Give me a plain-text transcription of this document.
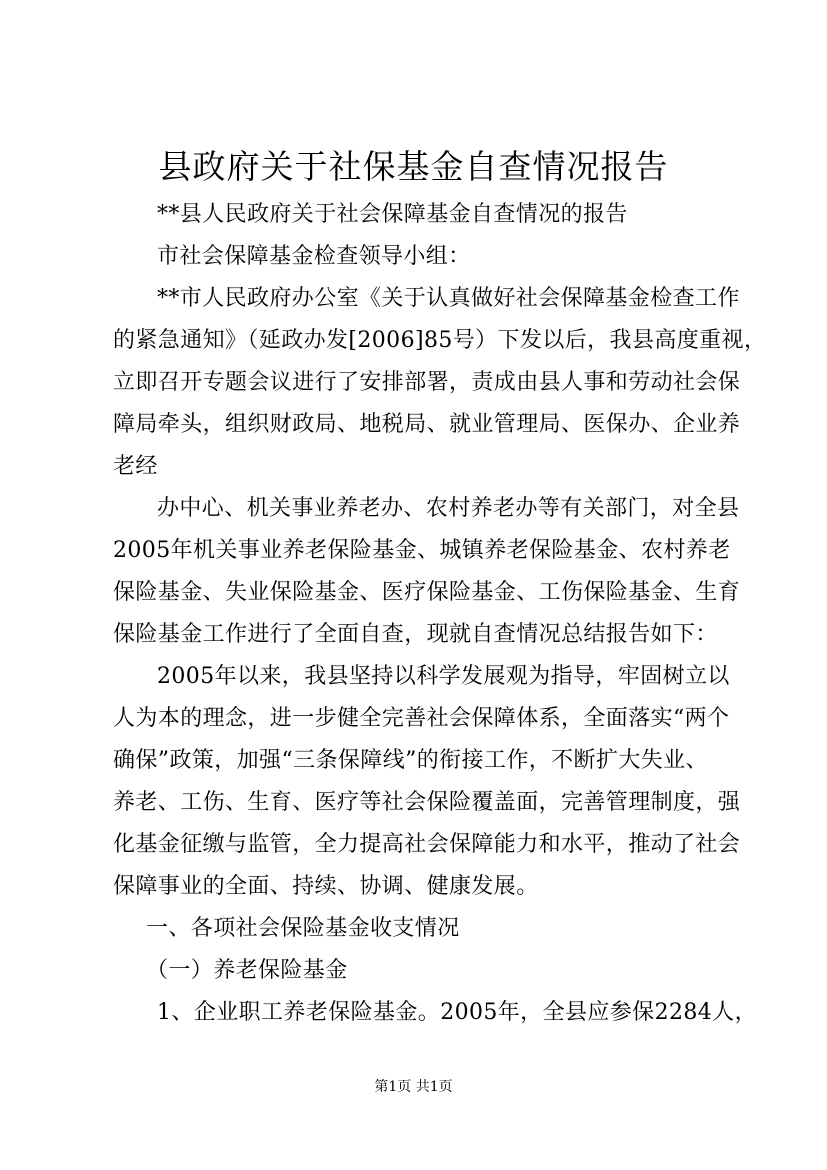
县政府关于社保基金自查情况报告
**县人民政府关于社会保障基金自查情况的报告
市社会保障基金检查领导小组：
**市人民政府办公室《关于认真做好社会保障基金检查工作
的紧急通知》（延政办发[2006]85号）下发以后，我县高度重视，
立即召开专题会议进行了安排部署，责成由县人事和劳动社会保
障局牵头，组织财政局、地税局、就业管理局、医保办、企业养
老经
办中心、机关事业养老办、农村养老办等有关部门，对全县
2005年机关事业养老保险基金、城镇养老保险基金、农村养老
保险基金、失业保险基金、医疗保险基金、工伤保险基金、生育
保险基金工作进行了全面自查，现就自查情况总结报告如下：
2005年以来，我县坚持以科学发展观为指导，牢固树立以
人为本的理念，进一步健全完善社会保障体系，全面落实“两个
确保”政策，加强“三条保障线”的衔接工作，不断扩大失业、
养老、工伤、生育、医疗等社会保险覆盖面，完善管理制度，强
化基金征缴与监管，全力提高社会保障能力和水平，推动了社会
保障事业的全面、持续、协调、健康发展。
一、各项社会保险基金收支情况
（一）养老保险基金
1、企业职工养老保险基金。2005年，全县应参保2284人，
第1页 共1页
